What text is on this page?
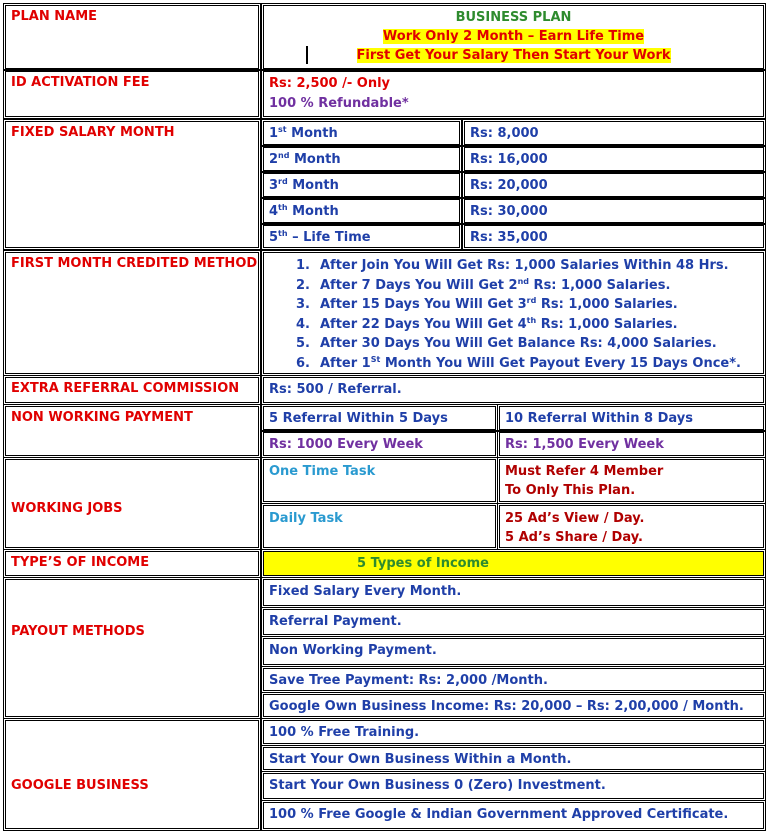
PLAN NAME	BUSINESS PLAN
Work Only 2 Month – Earn Life Time
First Get Your Salary Then Start Your Work
ID ACTIVATION FEE	Rs: 2,500 /- Only
100 % Refundable*
FIXED SALARY MONTH	1st Month	Rs: 8,000
2nd Month	Rs: 16,000
3rd Month	Rs: 20,000
4th Month	Rs: 30,000
5th – Life Time	Rs: 35,000
FIRST MONTH CREDITED METHOD	1. After Join You Will Get Rs: 1,000 Salaries Within 48 Hrs.
2. After 7 Days You Will Get 2nd Rs: 1,000 Salaries.
3. After 15 Days You Will Get 3rd Rs: 1,000 Salaries.
4. After 22 Days You Will Get 4th Rs: 1,000 Salaries.
5. After 30 Days You Will Get Balance Rs: 4,000 Salaries.
6. After 1St Month You Will Get Payout Every 15 Days Once*.
EXTRA REFERRAL COMMISSION	Rs: 500 / Referral.
NON WORKING PAYMENT	5 Referral Within 5 Days	10 Referral Within 8 Days
Rs: 1000 Every Week	Rs: 1,500 Every Week
WORKING JOBS
One Time Task	Must Refer 4 Member
To Only This Plan.
Daily Task	25 Ad’s View / Day.
5 Ad’s Share / Day.
TYPE’S OF INCOME	5 Types of Income
PAYOUT METHODS
Fixed Salary Every Month.
Referral Payment.
Non Working Payment.
Save Tree Payment: Rs: 2,000 /Month.
Google Own Business Income: Rs: 20,000 – Rs: 2,00,000 / Month.
GOOGLE BUSINESS
100 % Free Training.
Start Your Own Business Within a Month.
Start Your Own Business 0 (Zero) Investment.
100 % Free Google & Indian Government Approved Certificate.
